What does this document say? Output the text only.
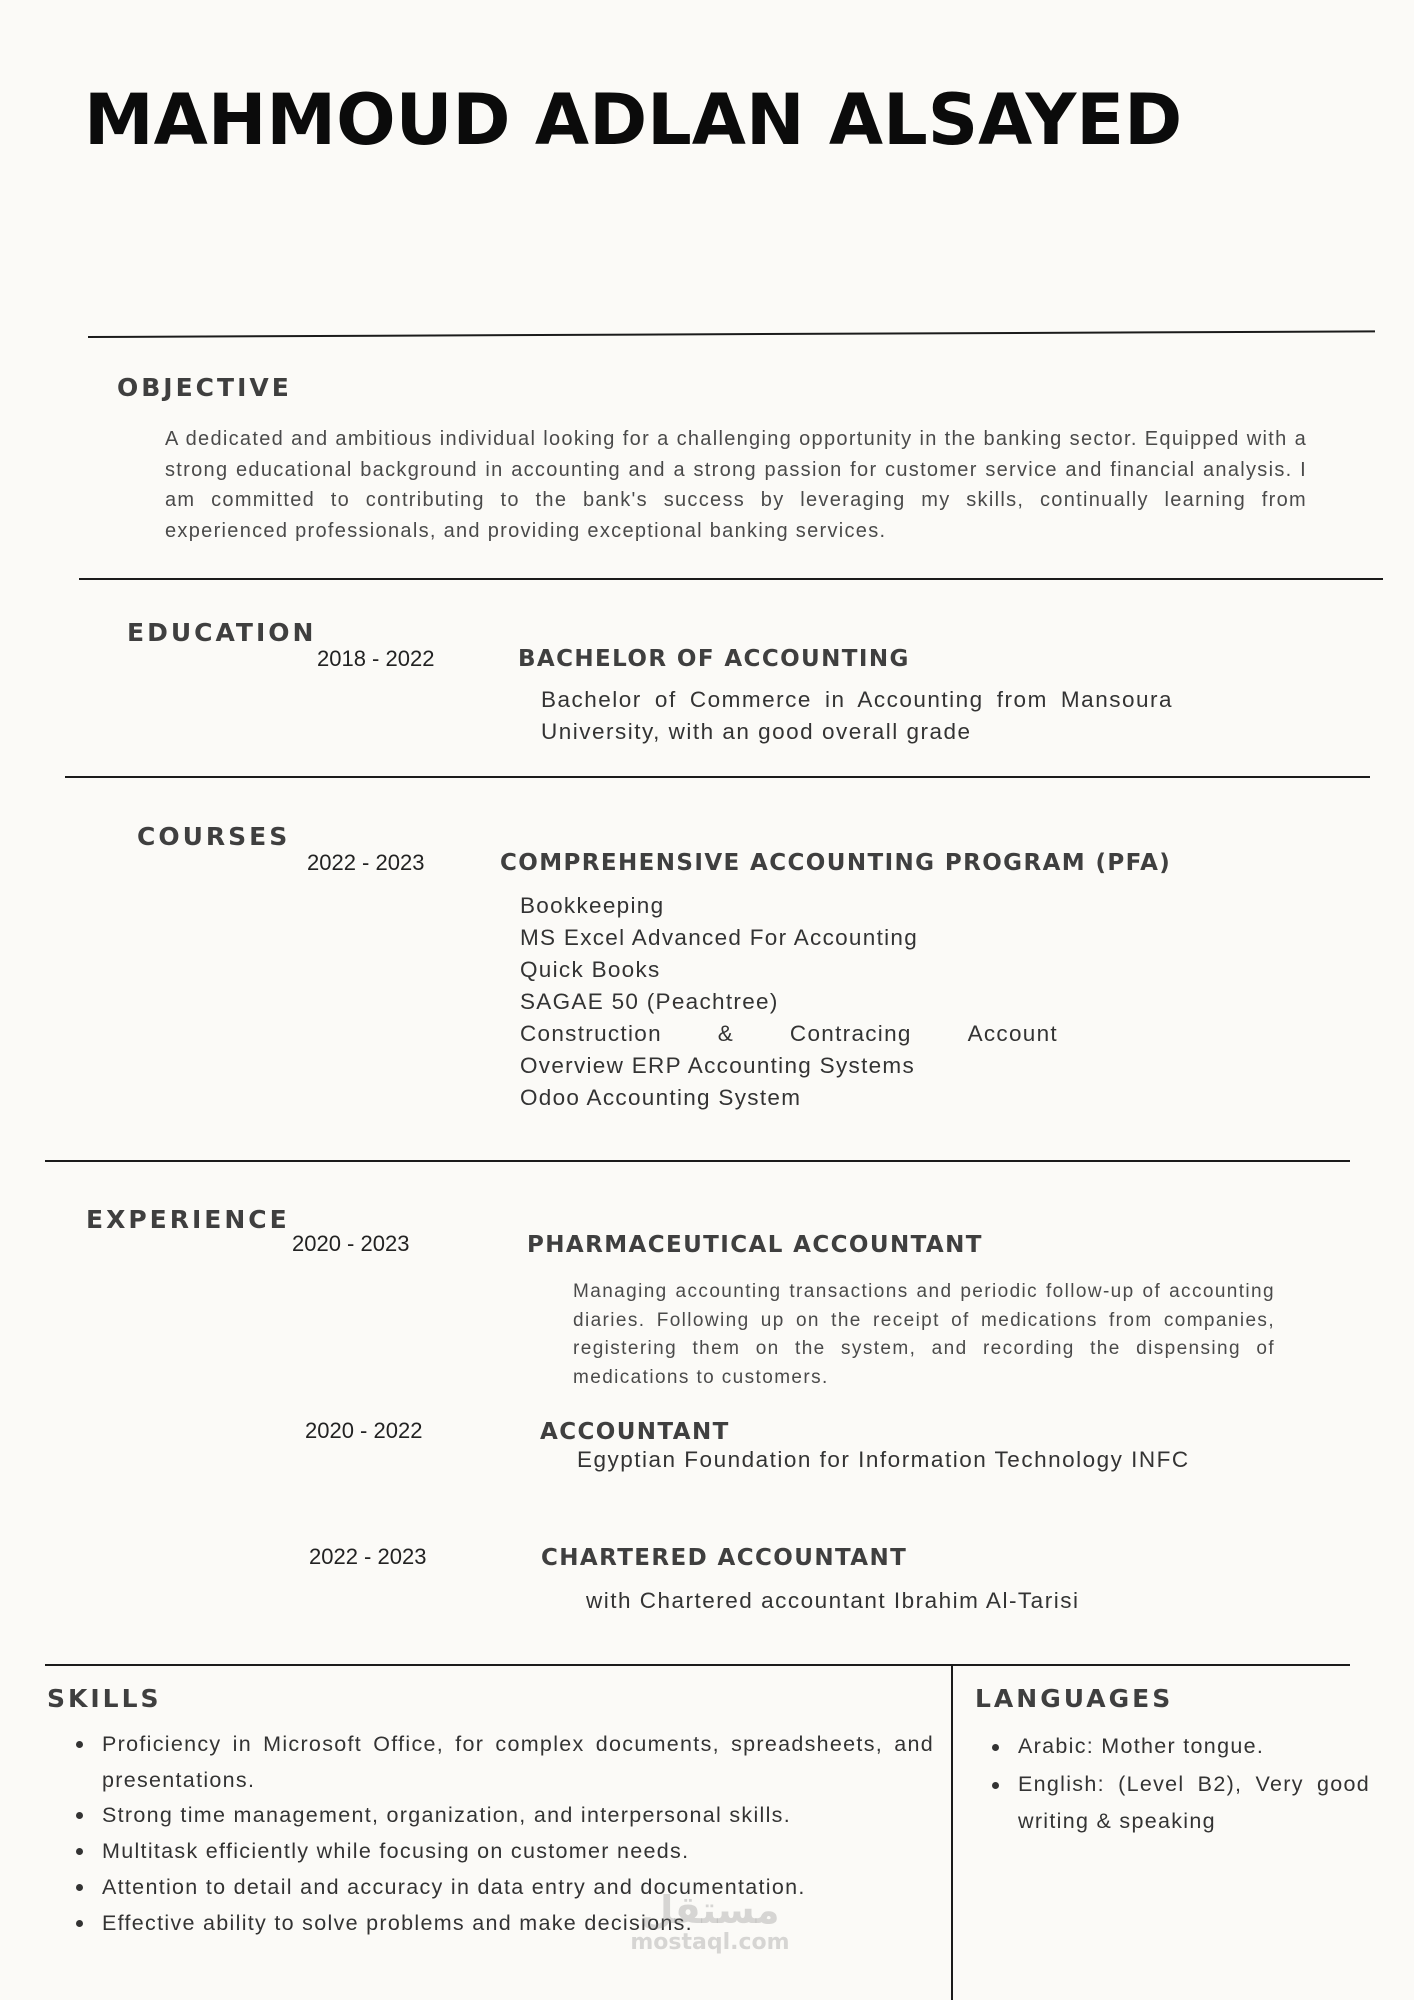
MAHMOUD ADLAN ALSAYED
OBJECTIVE

A dedicated and ambitious individual looking for a challenging opportunity in the banking sector. Equipped with a strong educational background in accounting and a strong passion for customer service and financial analysis. I am committed to contributing to the bank's success by leveraging my skills, continually learning from experienced professionals, and providing exceptional banking services.

EDUCATION
2018 - 2022	BACHELOR OF ACCOUNTING

Bachelor of Commerce in Accounting from Mansoura University, with an good overall grade

COURSES
2022 - 2023	COMPREHENSIVE ACCOUNTING PROGRAM (PFA)
Bookkeeping
MS Excel Advanced For Accounting
Quick Books
SAGAE 50 (Peachtree)
Construction & Contracing Account
Overview ERP Accounting Systems
Odoo Accounting System
EXPERIENCE
2020 - 2023	PHARMACEUTICAL ACCOUNTANT

Managing accounting transactions and periodic follow-up of accounting diaries. Following up on the receipt of medications from companies, registering them on the system, and recording the dispensing of medications to customers.

2020 - 2022	ACCOUNTANT

Egyptian Foundation for Information Technology INFC

2022 - 2023	CHARTERED ACCOUNTANT

with Chartered accountant Ibrahim Al-Tarisi

SKILLS
Proficiency in Microsoft Office, for complex documents, spreadsheets, and presentations.
Strong time management, organization, and interpersonal skills.
Multitask efficiently while focusing on customer needs.
Attention to detail and accuracy in data entry and documentation.
Effective ability to solve problems and make decisions.
LANGUAGES
Arabic: Mother tongue.
English: (Level B2), Very good writing & speaking
مستقل
mostaql.com
